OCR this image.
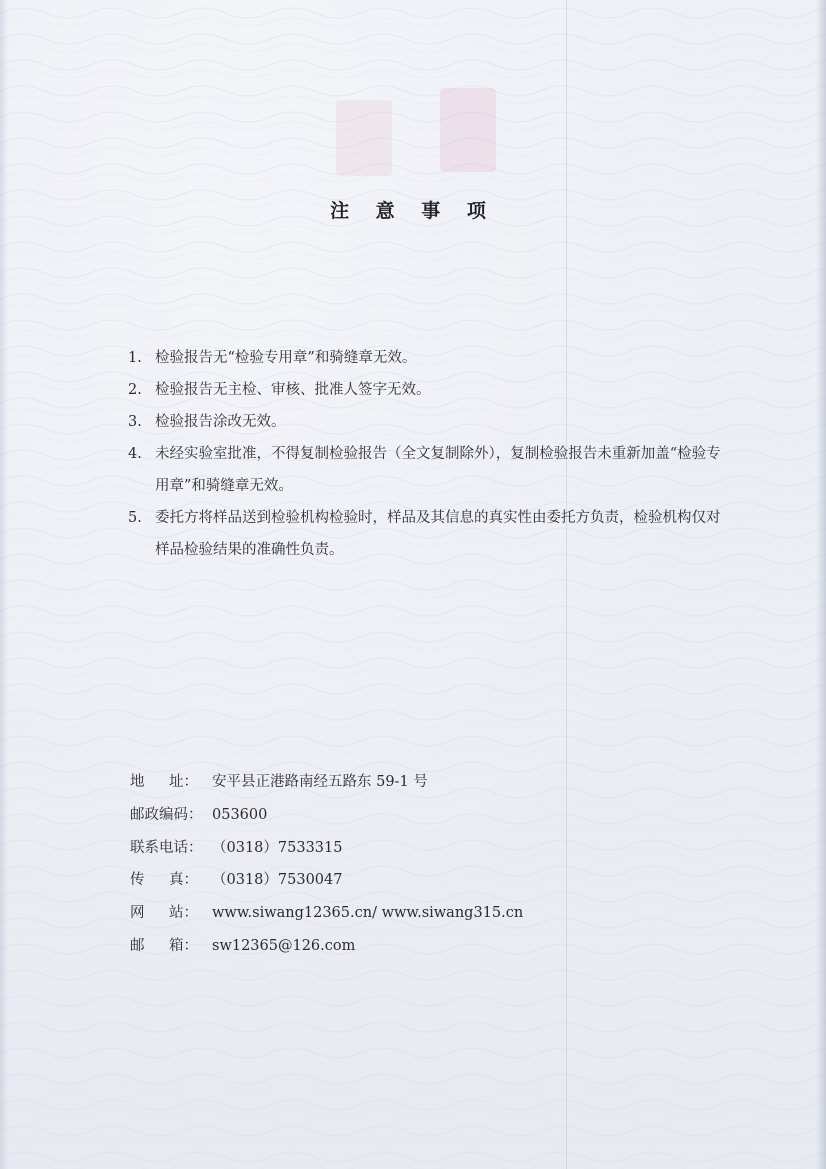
注 意 事 项
1. 检验报告无“检验专用章”和骑缝章无效。
2. 检验报告无主检、审核、批准人签字无效。
3. 检验报告涂改无效。
4. 未经实验室批准，不得复制检验报告（全文复制除外），复制检验报告未重新加盖“检验专用章”和骑缝章无效。
5. 委托方将样品送到检验机构检验时，样品及其信息的真实性由委托方负责，检验机构仅对样品检验结果的准确性负责。
地 址： 安平县正港路南经五路东 59-1 号
邮政编码： 053600
联系电话： （0318）7533315
传 真： （0318）7530047
网 站： www.siwang12365.cn/ www.siwang315.cn
邮 箱： sw12365@126.com
